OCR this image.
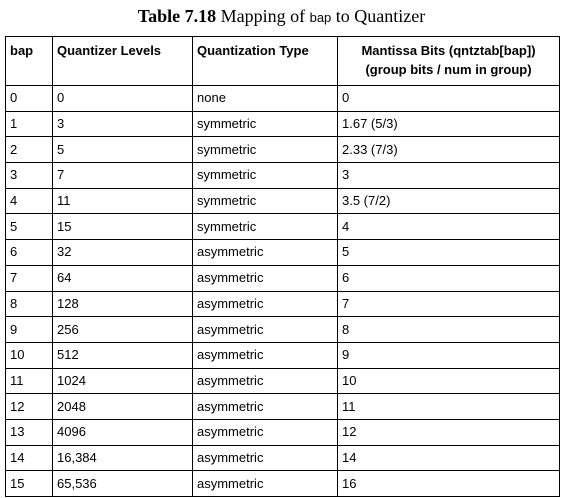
Table 7.18 Mapping of bap to Quantizer
bap	Quantizer Levels	Quantization Type	Mantissa Bits (qntztab[bap])
(group bits / num in group)
0	0	none	0
1	3	symmetric	1.67 (5/3)
2	5	symmetric	2.33 (7/3)
3	7	symmetric	3
4	11	symmetric	3.5 (7/2)
5	15	symmetric	4
6	32	asymmetric	5
7	64	asymmetric	6
8	128	asymmetric	7
9	256	asymmetric	8
10	512	asymmetric	9
11	1024	asymmetric	10
12	2048	asymmetric	11
13	4096	asymmetric	12
14	16,384	asymmetric	14
15	65,536	asymmetric	16
